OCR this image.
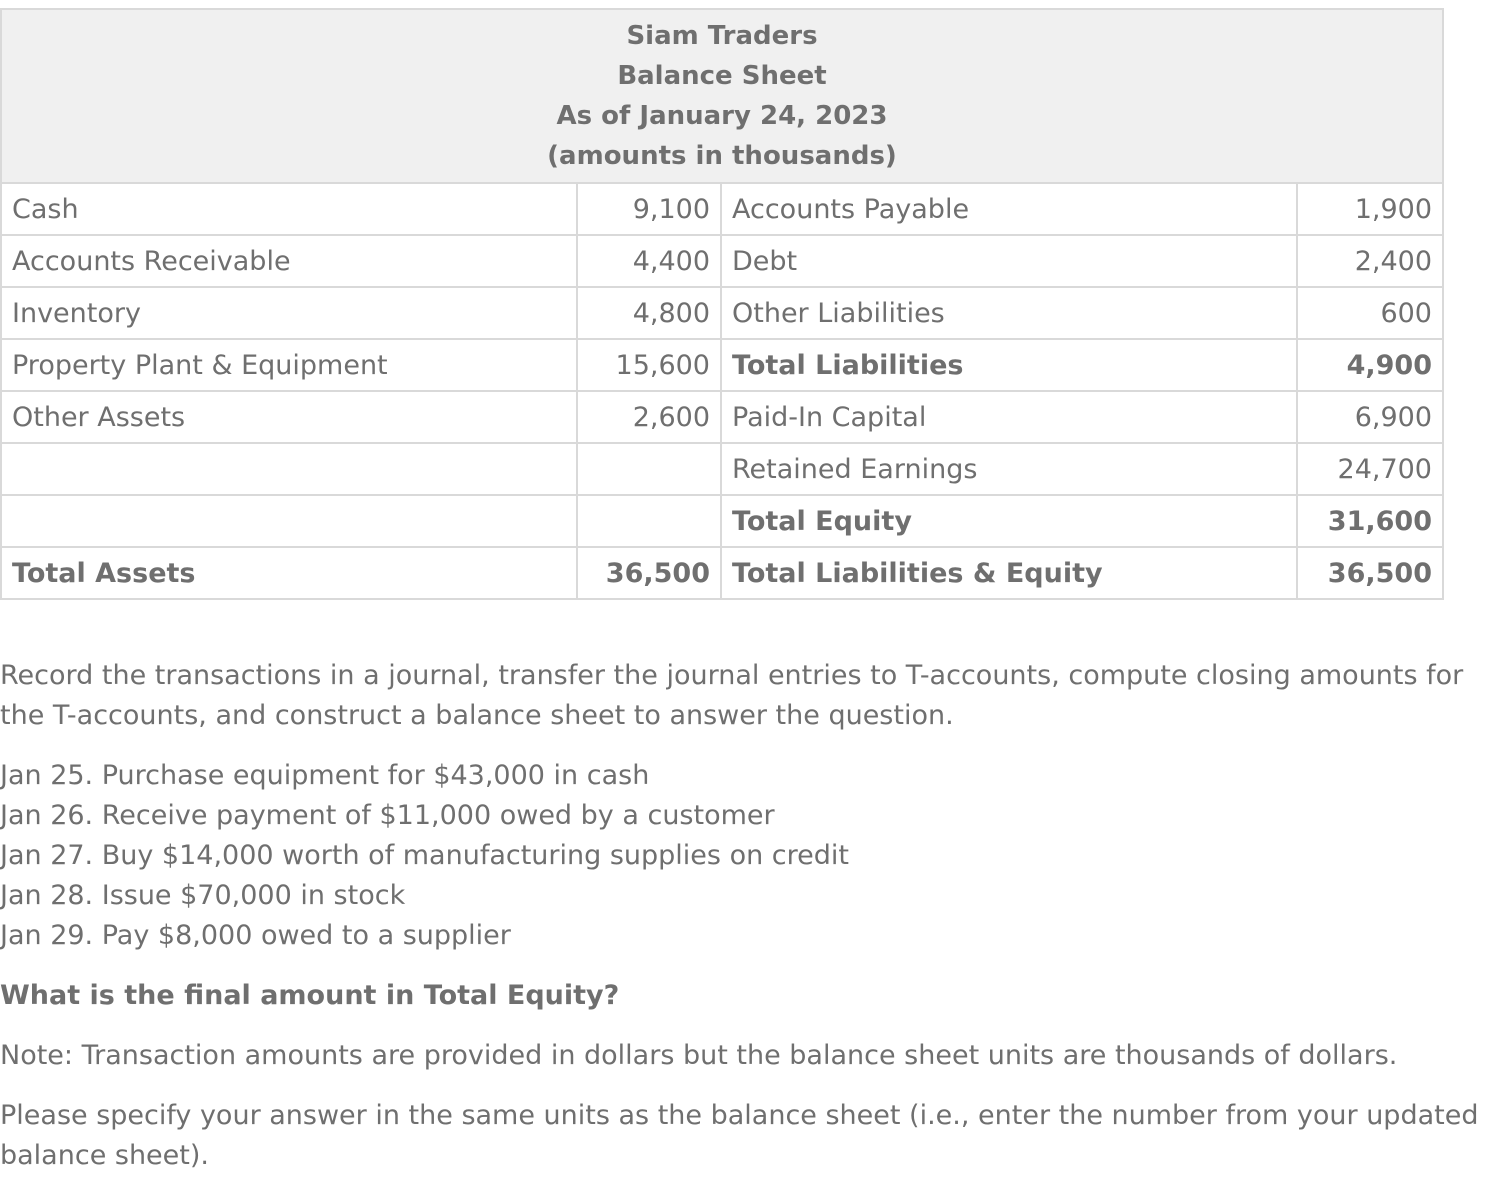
Siam Traders
Balance Sheet
As of January 24, 2023
(amounts in thousands)			

Cash	9,100	Accounts Payable	1,900
Accounts Receivable	4,400	Debt	2,400
Inventory	4,800	Other Liabilities	600
Property Plant & Equipment	15,600	Total Liabilities	4,900
Other Assets	2,600	Paid-In Capital	6,900
		Retained Earnings	24,700
		Total Equity	31,600
Total Assets	36,500	Total Liabilities & Equity	36,500

Record the transactions in a journal, transfer the journal entries to T-accounts, compute closing amounts for the T-accounts, and construct a balance sheet to answer the question.

Jan 25. Purchase equipment for $43,000 in cash
Jan 26. Receive payment of $11,000 owed by a customer
Jan 27. Buy $14,000 worth of manufacturing supplies on credit
Jan 28. Issue $70,000 in stock
Jan 29. Pay $8,000 owed to a supplier

What is the final amount in Total Equity?

Note: Transaction amounts are provided in dollars but the balance sheet units are thousands of dollars.

Please specify your answer in the same units as the balance sheet (i.e., enter the number from your updated balance sheet).
